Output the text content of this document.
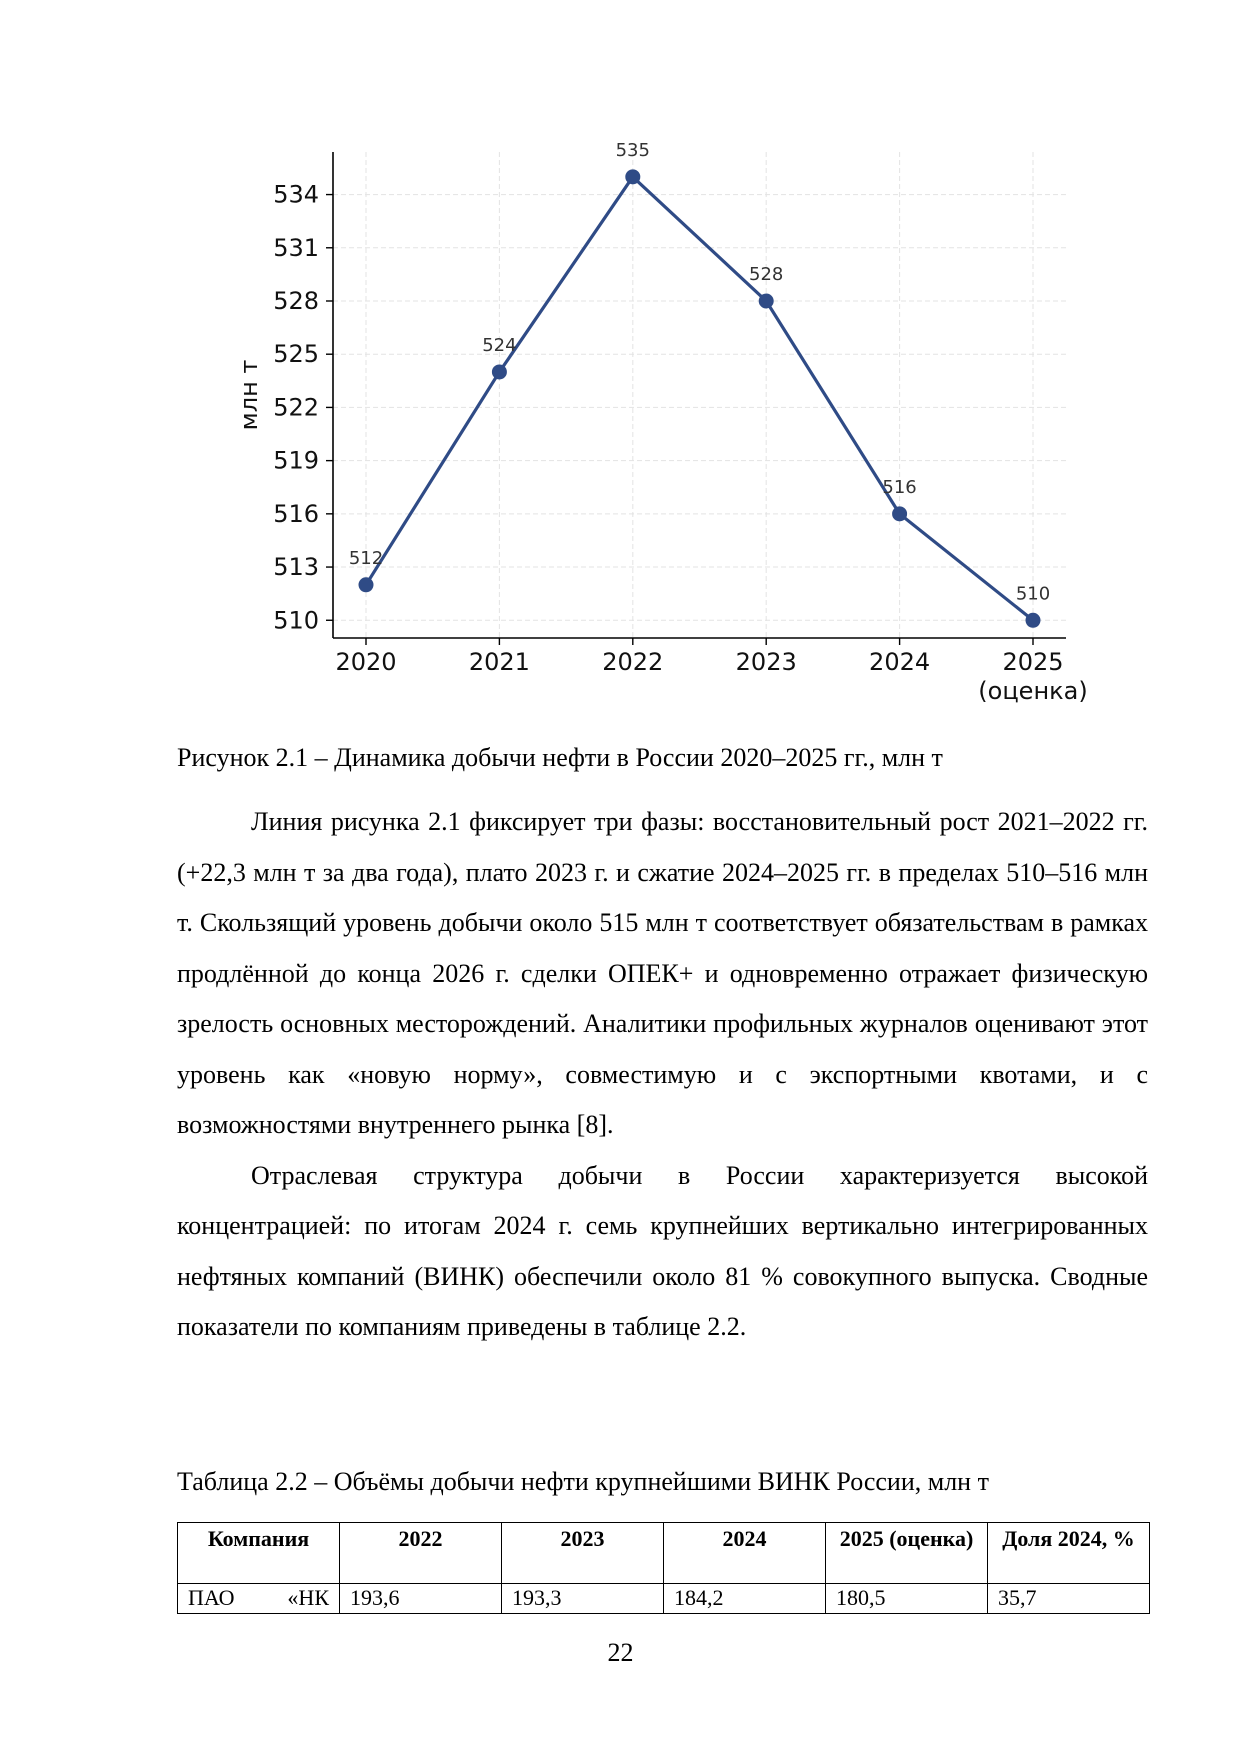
510
513
516
519
522
525
528
531
534
2020	2021	2022	2023	2024	2025
(оценка)
млн т
512
524
535
528
516
510

Рисунок 2.1 – Динамика добычи нефти в России 2020–2025 гг., млн т

Линия рисунка 2.1 фиксирует три фазы: восстановительный рост 2021–2022 гг. (+22,3 млн т за два года), плато 2023 г. и сжатие 2024–2025 гг. в пределах 510–516 млн т. Скользящий уровень добычи около 515 млн т соответствует обязательствам в рамках продлённой до конца 2026 г. сделки ОПЕК+ и одновременно отражает физическую зрелость основных месторождений. Аналитики профильных журналов оценивают этот уровень как «новую норму», совместимую и с экспортными квотами, и с возможностями внутреннего рынка [8].

Отраслевая структура добычи в России характеризуется высокой концентрацией: по итогам 2024 г. семь крупнейших вертикально интегрированных нефтяных компаний (ВИНК) обеспечили около 81 % совокупного выпуска. Сводные показатели по компаниям приведены в таблице 2.2.

Таблица 2.2 – Объёмы добычи нефти крупнейшими ВИНК России, млн т

Компания	2022	2023	2024	2025 (оценка)	Доля 2024, %
ПАО «НК	193,6	193,3	184,2	180,5	35,7
22
